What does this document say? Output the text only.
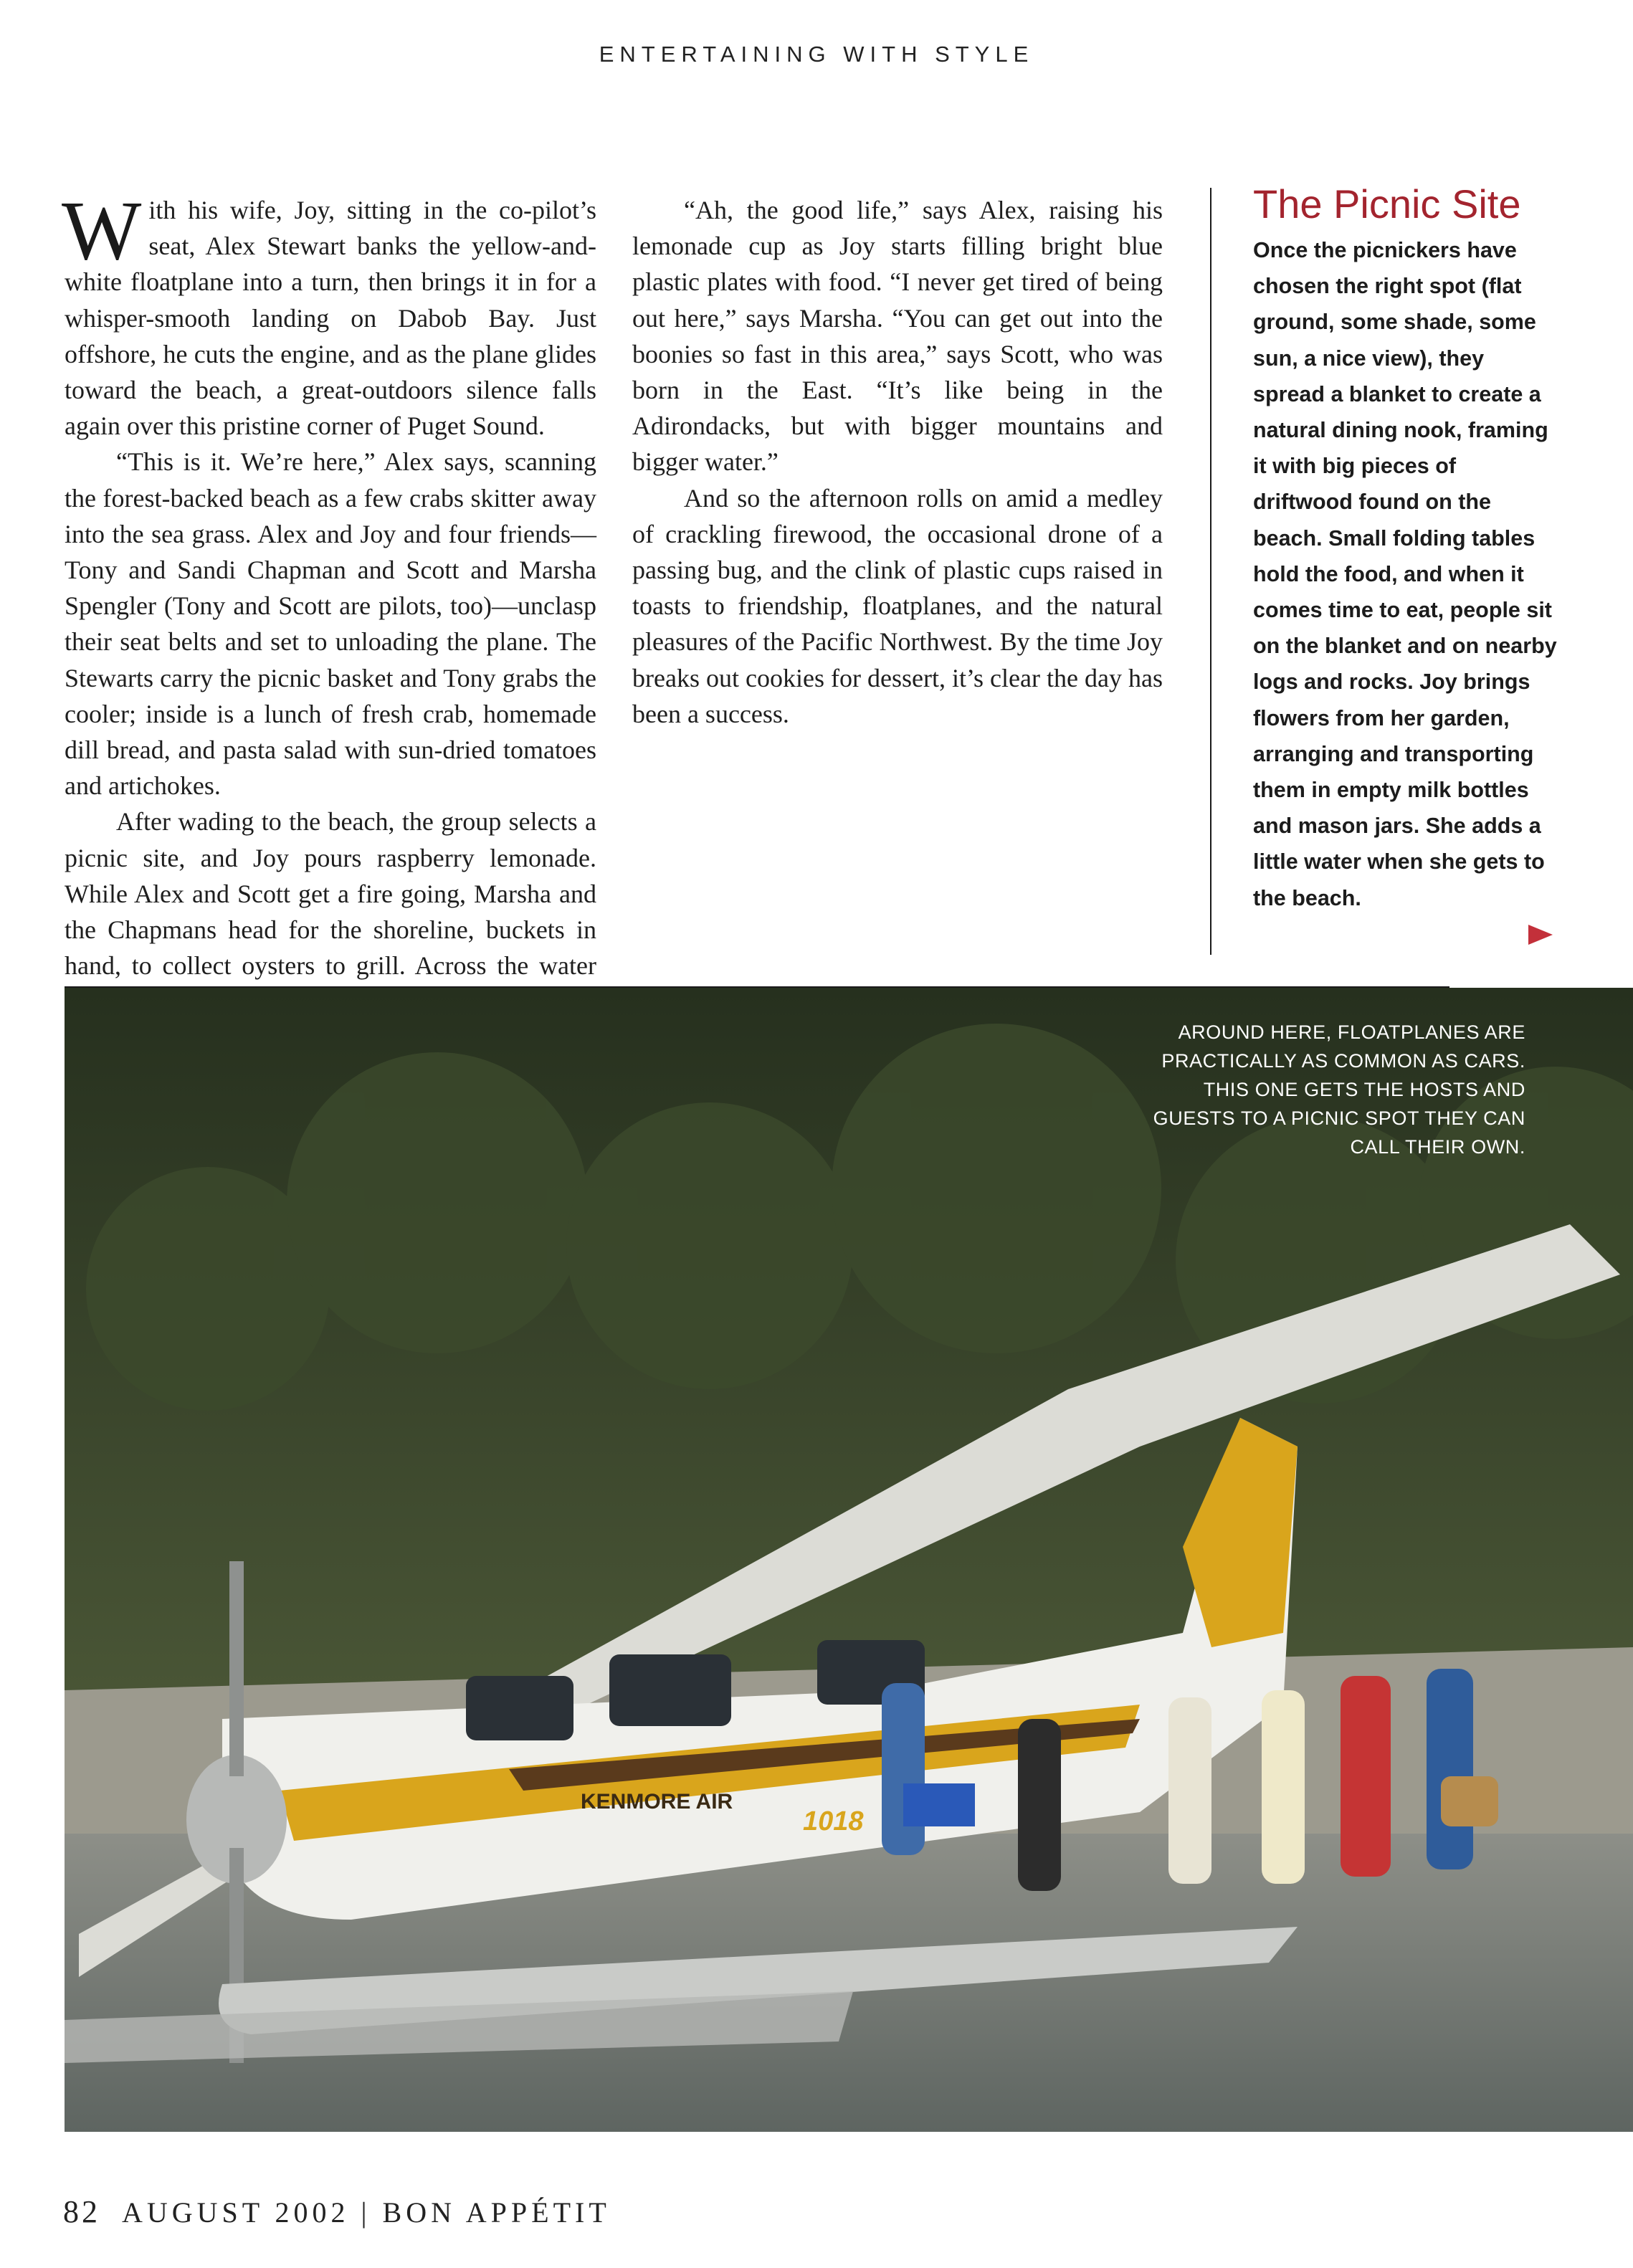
ENTERTAINING WITH STYLE

With his wife, Joy, sitting in the co-pilot’s seat, Alex Stewart banks the yellow-and-white floatplane into a turn, then brings it in for a whisper-smooth landing on Dabob Bay. Just offshore, he cuts the engine, and as the plane glides toward the beach, a great-outdoors silence falls again over this pristine corner of Puget Sound.

“This is it. We’re here,” Alex says, scanning the forest-backed beach as a few crabs skitter away into the sea grass. Alex and Joy and four friends—Tony and Sandi Chapman and Scott and Marsha Spengler (Tony and Scott are pilots, too)—unclasp their seat belts and set to unloading the plane. The Stewarts carry the picnic basket and Tony grabs the cooler; inside is a lunch of fresh crab, homemade dill bread, and pasta salad with sun-dried tomatoes and artichokes.

After wading to the beach, the group selects a picnic site, and Joy pours raspberry lemonade. While Alex and Scott get a fire going, Marsha and the Chapmans head for the shoreline, buckets in hand, to collect oysters to grill. Across the water

“Ah, the good life,” says Alex, raising his lemonade cup as Joy starts filling bright blue plastic plates with food. “I never get tired of being out here,” says Marsha. “You can get out into the boonies so fast in this area,” says Scott, who was born in the East. “It’s like being in the Adirondacks, but with bigger mountains and bigger water.”

And so the afternoon rolls on amid a medley of crackling firewood, the occasional drone of a passing bug, and the clink of plastic cups raised in toasts to friendship, floatplanes, and the natural pleasures of the Pacific Northwest. By the time Joy breaks out cookies for dessert, it’s clear the day has been a success.

The Picnic Site
Once the picnickers have chosen the right spot (flat ground, some shade, some sun, a nice view), they spread a blanket to create a natural dining nook, framing it with big pieces of driftwood found on the beach. Small folding tables hold the food, and when it comes time to eat, people sit on the blanket and on nearby logs and rocks. Joy brings flowers from her garden, arranging and transporting them in empty milk bottles and mason jars. She adds a little water when she gets to the beach.
KENMORE AIR
1018
AROUND HERE, FLOATPLANES ARE PRACTICALLY AS COMMON AS CARS. THIS ONE GETS THE HOSTS AND GUESTS TO A PICNIC SPOT THEY CAN CALL THEIR OWN.
82 AUGUST 2002 | BON APPÉTIT
